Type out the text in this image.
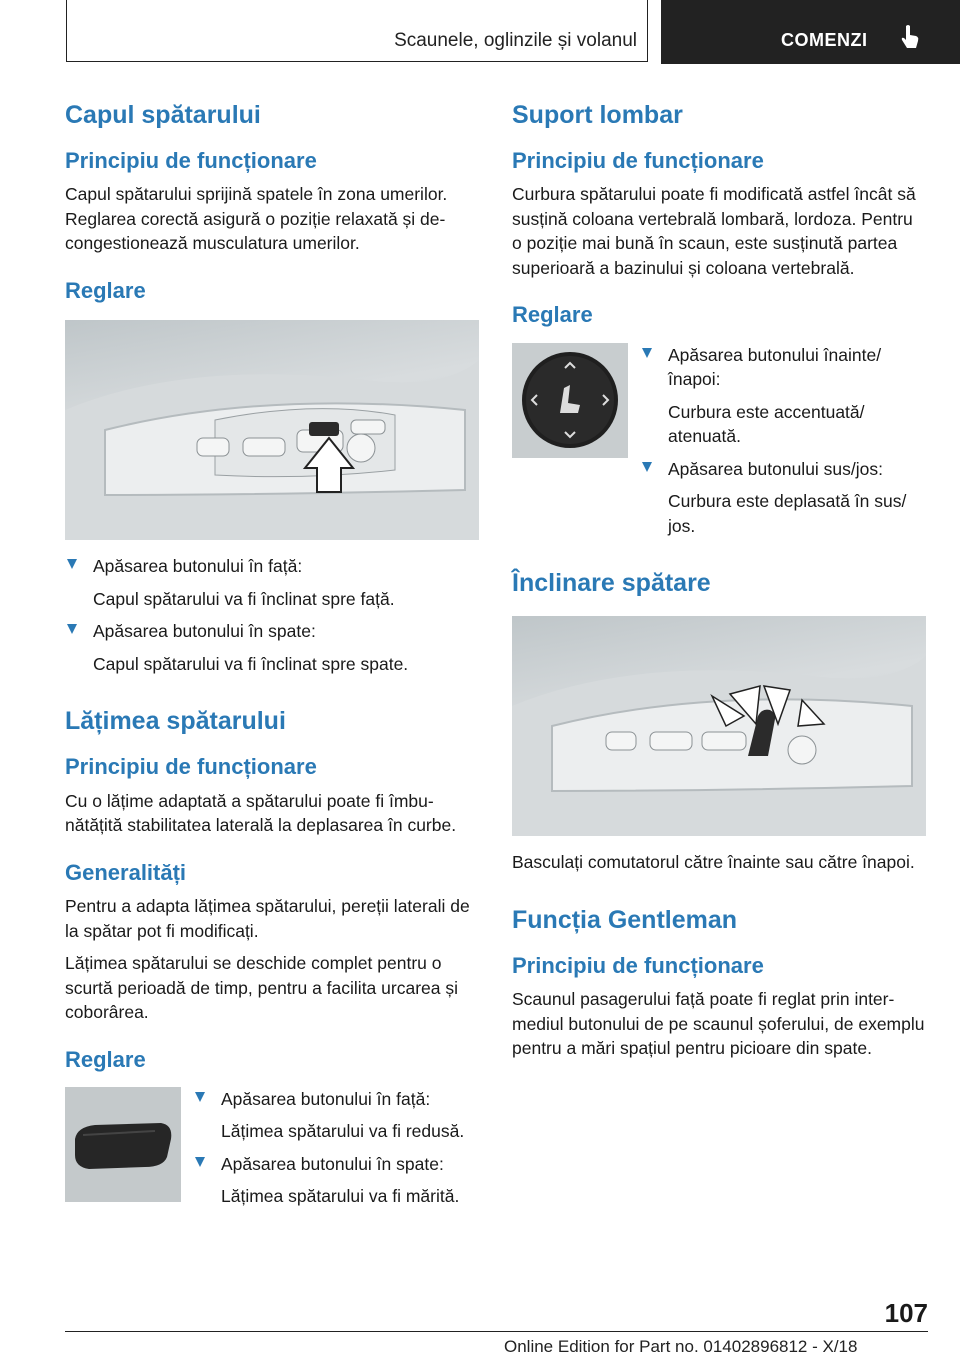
Scaunele, oglinzile și volanul	COMENZI
Capul spătarului
Principiu de funcționare

Capul spătarului sprijină spatele în zona umerilor. Reglarea corectă asigură o poziție relaxată și decongestionează musculatura umerilor.

Reglare

Apăsarea butonului în față:

Capul spătarului va fi înclinat spre față.

Apăsarea butonului în spate:

Capul spătarului va fi înclinat spre spate.

Lățimea spătarului
Principiu de funcționare

Cu o lățime adaptată a spătarului poate fi îmbunătățită stabilitatea laterală la deplasarea în curbe.

Generalități

Pentru a adapta lățimea spătarului, pereții laterali de la spătar pot fi modificați.

Lățimea spătarului se deschide complet pentru o scurtă perioadă de timp, pentru a facilita urcarea și coborârea.

Reglare

Apăsarea butonului în față:

Lățimea spătarului va fi redusă.

Apăsarea butonului în spate:

Lățimea spătarului va fi mărită.

Suport lombar
Principiu de funcționare

Curbura spătarului poate fi modificată astfel încât să susțină coloana vertebrală lombară, lordoza. Pentru o poziție mai bună în scaun, este susținută partea superioară a bazinului și coloana vertebrală.

Reglare

Apăsarea butonului înainte/ înapoi:

Curbura este accentuată/ atenuată.

Apăsarea butonului sus/jos:

Curbura este deplasată în sus/ jos.

Înclinare spătare

Basculați comutatorul către înainte sau către înapoi.

Funcția Gentleman
Principiu de funcționare

Scaunul pasagerului față poate fi reglat prin intermediul butonului de pe scaunul șoferului, de exemplu pentru a mări spațiul pentru picioare din spate.

107
Online Edition for Part no. 01402896812 - X/18
